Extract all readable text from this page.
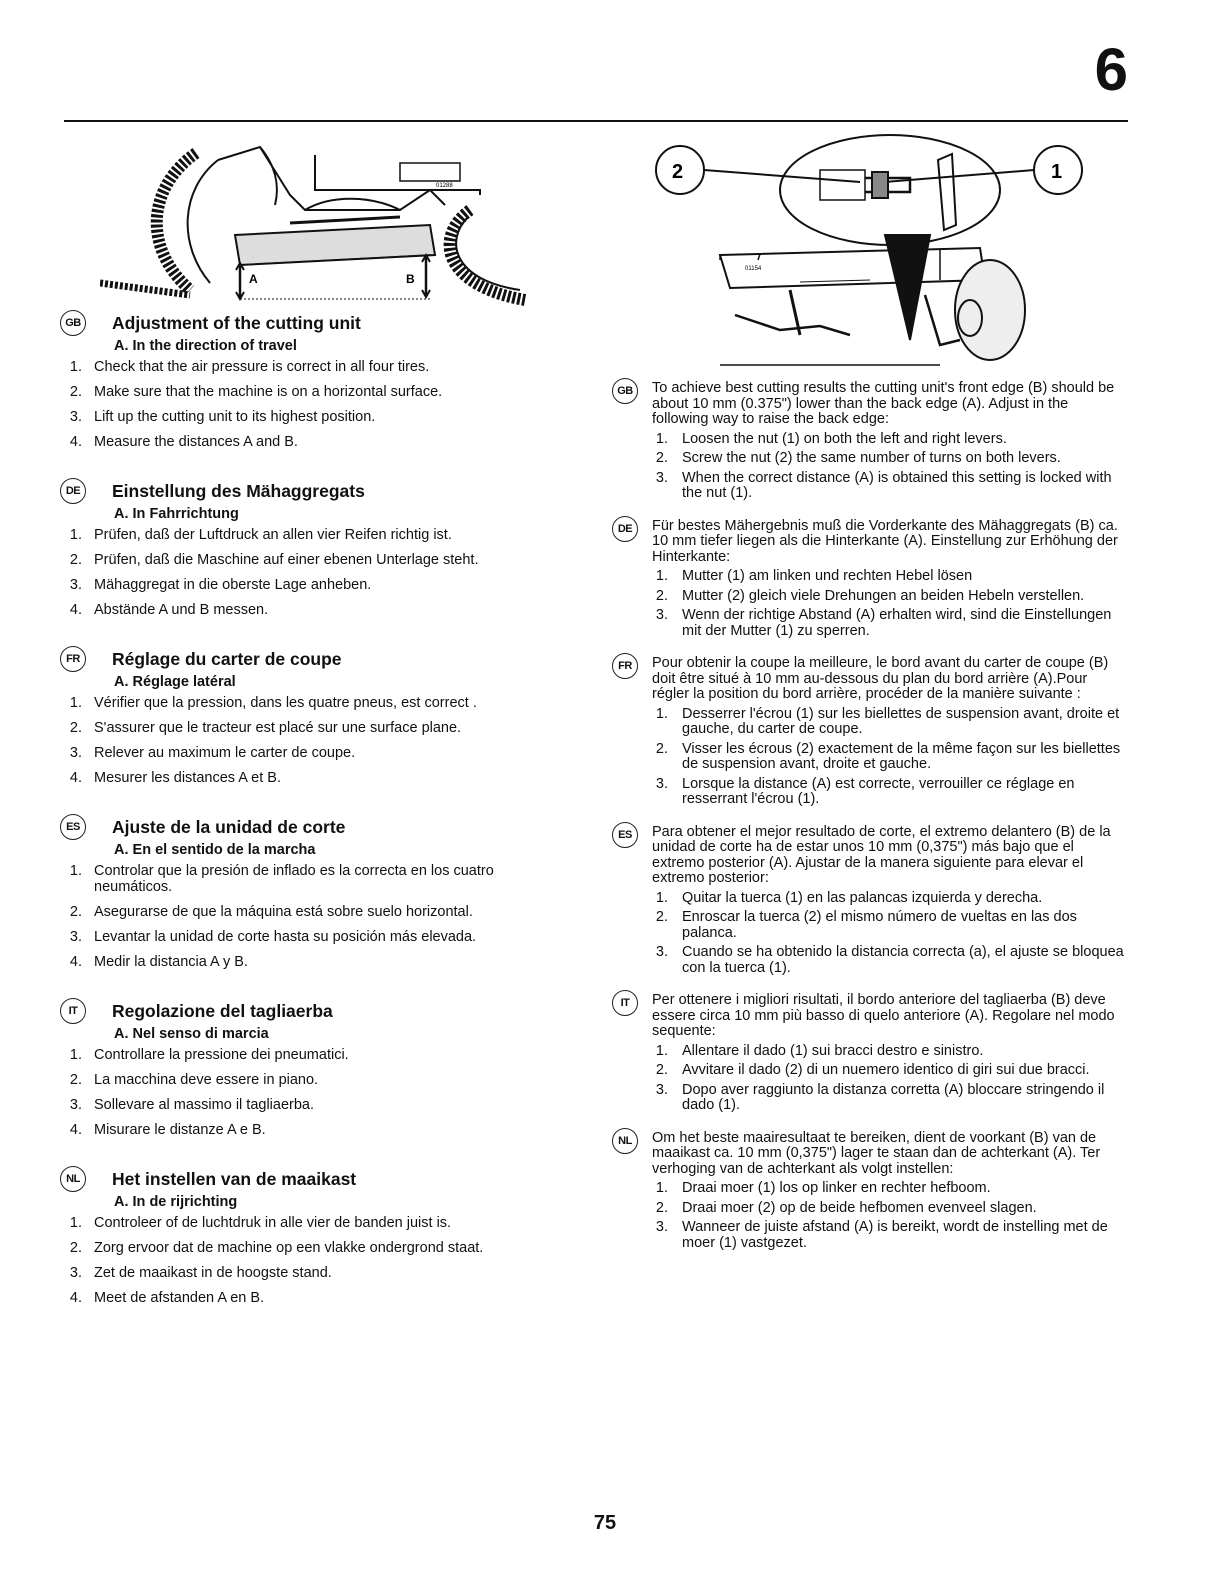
6
A	B
01288
2	1
01154
GB	Adjustment of the cutting unit
A. In the direction of travel
1. Check that the air pressure is correct in all four tires.
2. Make sure that the machine is on a horizontal surface.
3. Lift up the cutting unit to its highest position.
4. Measure the distances A and B.
DE	Einstellung des Mähaggregats
A. In Fahrrichtung
1. Prüfen, daß der Luftdruck an allen vier Reifen richtig ist.
2. Prüfen, daß die Maschine auf einer ebenen Unterlage steht.
3. Mähaggregat in die oberste Lage anheben.
4. Abstände A und B messen.
FR	Réglage du carter de coupe
A. Réglage latéral
1. Vérifier que la pression, dans les quatre pneus, est correct .
2. S'assurer que le tracteur est placé sur une surface plane.
3. Relever au maximum le carter de coupe.
4. Mesurer les distances A et B.
ES	Ajuste de la unidad de corte
A. En el sentido de la marcha
1. Controlar que la presión de inflado es la correcta en los cuatro neumáticos.
2. Asegurarse de que la máquina está sobre suelo horizontal.
3. Levantar la unidad de corte hasta su posición más elevada.
4. Medir la distancia A y B.
IT	Regolazione del tagliaerba
A. Nel senso di marcia
1. Controllare la pressione dei pneumatici.
2. La macchina deve essere in piano.
3. Sollevare al massimo il tagliaerba.
4. Misurare le distanze A e B.
NL	Het instellen van de maaikast
A. In de rijrichting
1. Controleer of de luchtdruk in alle vier de banden juist is.
2. Zorg ervoor dat de machine op een vlakke ondergrond staat.
3. Zet de maaikast in de hoogste stand.
4. Meet de afstanden A en B.
GB	To achieve best cutting results the cutting unit's front edge (B) should be about 10 mm (0.375") lower than the back edge (A). Adjust in the following way to raise the back edge:
1. Loosen the nut (1) on both the left and right levers.
2. Screw the nut (2) the same number of turns on both levers.
3. When the correct distance (A) is obtained this setting is locked with the nut (1).
DE	Für bestes Mähergebnis muß die Vorderkante des Mähaggregats (B) ca. 10 mm tiefer liegen als die Hinterkante (A). Einstellung zur Erhöhung der Hinterkante:
1. Mutter (1) am linken und rechten Hebel lösen
2. Mutter (2) gleich viele Drehungen an beiden Hebeln verstellen.
3. Wenn der richtige Abstand (A) erhalten wird, sind die Einstellungen mit der Mutter (1) zu sperren.
FR	Pour obtenir la coupe la meilleure, le bord avant du carter de coupe (B) doit être situé à 10 mm au-dessous du plan du bord arrière (A).Pour régler la position du bord arrière, procéder de la manière suivante :
1. Desserrer l'écrou (1) sur les biellettes de suspension avant, droite et gauche, du carter de coupe.
2. Visser les écrous (2) exactement de la même façon sur les biellettes de suspension avant, droite et gauche.
3. Lorsque la distance (A) est correcte, verrouiller ce réglage en resserrant l'écrou (1).
ES	Para obtener el mejor resultado de corte, el extremo delantero (B) de la unidad de corte ha de estar unos 10 mm (0,375") más bajo que el extremo posterior (A). Ajustar de la manera siguiente para elevar el extremo posterior:
1. Quitar la tuerca (1) en las palancas izquierda y derecha.
2. Enroscar la tuerca (2) el mismo número de vueltas en las dos palanca.
3. Cuando se ha obtenido la distancia correcta (a), el ajuste se bloquea con la tuerca (1).
IT	Per ottenere i migliori risultati, il bordo anteriore del tagliaerba (B) deve essere circa 10 mm più basso di quelo anteriore (A). Regolare nel modo sequente:
1. Allentare il dado (1) sui bracci destro e sinistro.
2. Avvitare il dado (2) di un nuemero identico di giri sui due bracci.
3. Dopo aver raggiunto la distanza corretta (A) bloccare stringendo il dado (1).
NL	Om het beste maairesultaat te bereiken, dient de voorkant (B) van de maaikast ca. 10 mm (0,375") lager te staan dan de achterkant (A). Ter verhoging van de achterkant als volgt instellen:
1. Draai moer (1) los op linker en rechter hefboom.
2. Draai moer (2) op de beide hefbomen evenveel slagen.
3. Wanneer de juiste afstand (A) is bereikt, wordt de instelling met de moer (1) vastgezet.
75
